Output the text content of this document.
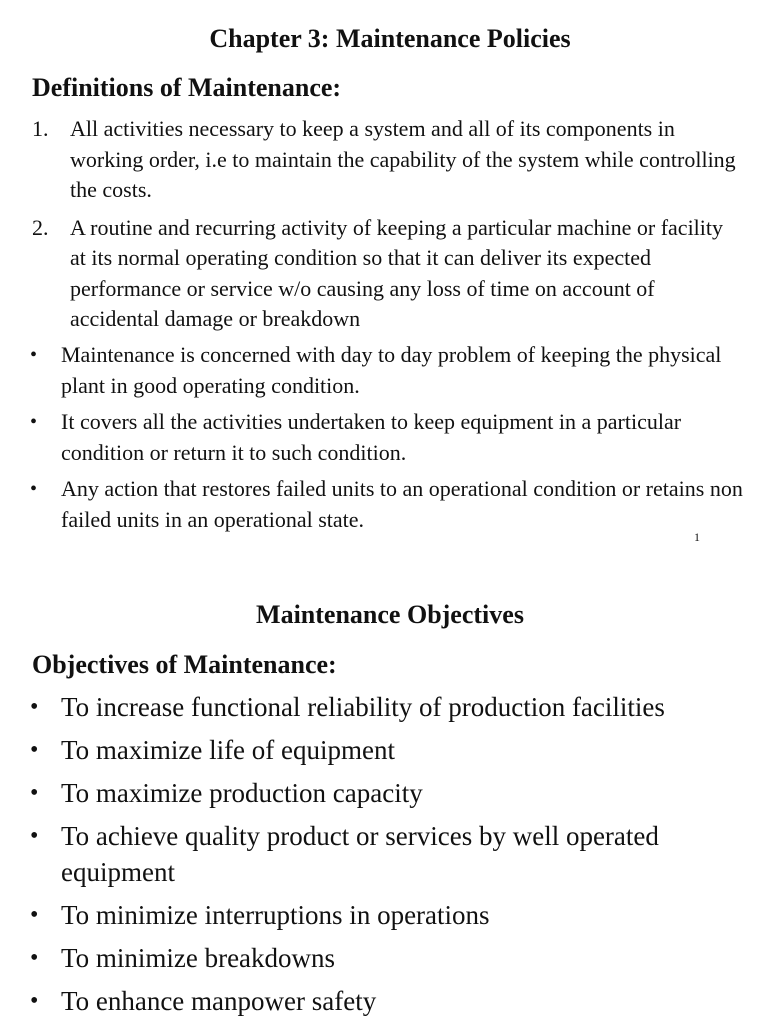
Chapter 3: Maintenance Policies
Definitions of Maintenance:
1. All activities necessary to keep a system and all of its components in working order, i.e to maintain the capability of the system while controlling the costs.
2. A routine and recurring activity of keeping a particular machine or facility at its normal operating condition so that it can deliver its expected performance or service w/o causing any loss of time on account of accidental damage or breakdown
• Maintenance is concerned with day to day problem of keeping the physical plant in good operating condition.
• It covers all the activities undertaken to keep equipment in a particular condition or return it to such condition.
• Any action that restores failed units to an operational condition or retains non failed units in an operational state.
1
Maintenance Objectives
Objectives of Maintenance:
• To increase functional reliability of production facilities
• To maximize life of equipment
• To maximize production capacity
• To achieve quality product or services by well operated equipment
• To minimize interruptions in operations
• To minimize breakdowns
• To enhance manpower safety
